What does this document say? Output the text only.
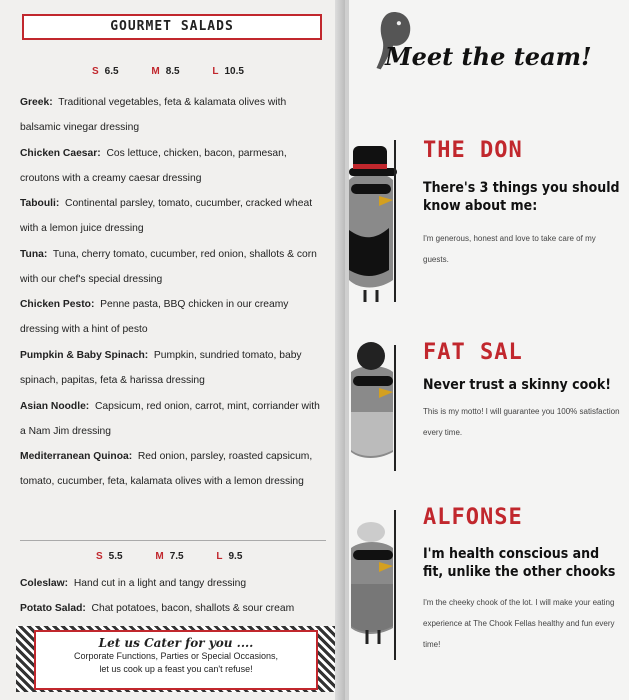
GOURMET SALADS
S 6.5	M 8.5	L 10.5
Greek: Traditional vegetables, feta & kalamata olives with balsamic vinegar dressing
Chicken Caesar: Cos lettuce, chicken, bacon, parmesan, croutons with a creamy caesar dressing
Tabouli: Continental parsley, tomato, cucumber, cracked wheat with a lemon juice dressing
Tuna: Tuna, cherry tomato, cucumber, red onion, shallots & corn with our chef's special dressing
Chicken Pesto: Penne pasta, BBQ chicken in our creamy dressing with a hint of pesto
Pumpkin & Baby Spinach: Pumpkin, sundried tomato, baby spinach, papitas, feta & harissa dressing
Asian Noodle: Capsicum, red onion, carrot, mint, corriander with a Nam Jim dressing
Mediterranean Quinoa: Red onion, parsley, roasted capsicum, tomato, cucumber, feta, kalamata olives with a lemon dressing
S 5.5	M 7.5	L 9.5
Coleslaw: Hand cut in a light and tangy dressing
Potato Salad: Chat potatoes, bacon, shallots & sour cream
Let us Cater for you ....
Corporate Functions, Parties or Special Occasions,
let us cook up a feast you can't refuse!
Meet the team!
THE DON
There's 3 things you should know about me:
I'm generous, honest and love to take care of my guests.
FAT SAL
Never trust a skinny cook!
This is my motto! I will guarantee you 100% satisfaction every time.
ALFONSE
I'm health conscious and fit, unlike the other chooks
I'm the cheeky chook of the lot. I will make your eating experience at The Chook Fellas healthy and fun every time!
